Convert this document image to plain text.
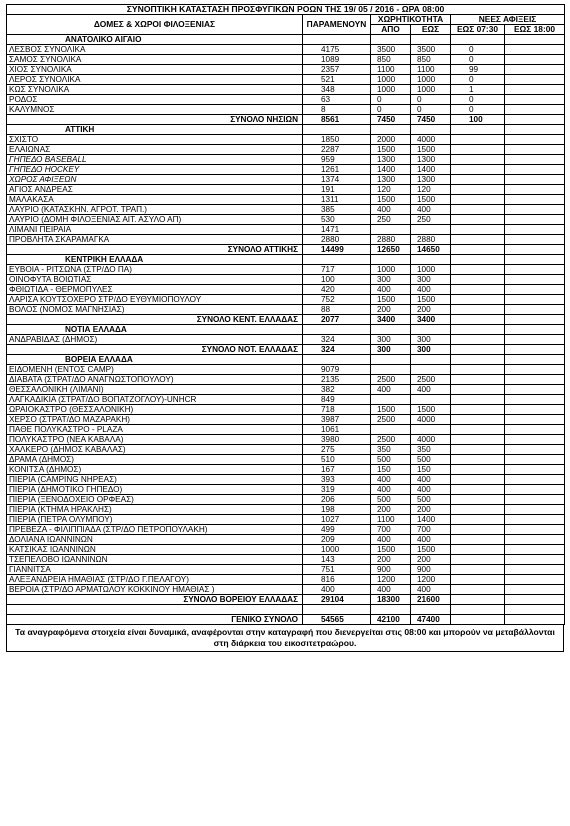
ΣΥΝΟΠΤΙΚΗ ΚΑΤΑΣΤΑΣΗ ΠΡΟΣΦΥΓΙΚΩΝ ΡΟΩΝ ΤΗΣ 19/ 05 / 2016 - ΩΡΑ 08:00					
ΔΟΜΕΣ & ΧΩΡΟΙ ΦΙΛΟΞΕΝΙΑΣ	ΠΑΡΑΜΕΝΟΥΝ	ΧΩΡΗΤΙΚΟΤΗΤΑ		ΝΕΕΣ ΑΦΙΞΕΙΣ	
		ΑΠΟ	ΕΩΣ	ΕΩΣ 07:30	ΕΩΣ 18:00
ΑΝΑΤΟΛΙΚΟ ΑΙΓΑΙΟ					
ΛΕΣΒΟΣ ΣΥΝΟΛΙΚΑ	4175	3500	3500	0	
ΣΑΜΟΣ ΣΥΝΟΛΙΚΑ	1089	850	850	0	
ΧΙΟΣ ΣΥΝΟΛΙΚΑ	2357	1100	1100	99	
ΛΕΡΟΣ ΣΥΝΟΛΙΚΑ	521	1000	1000	0	
ΚΩΣ ΣΥΝΟΛΙΚΑ	348	1000	1000	1	
ΡΟΔΟΣ	63	0	0	0	
ΚΑΛΥΜΝΟΣ	8	0	0	0	
ΣΥΝΟΛΟ ΝΗΣΙΩΝ	8561	7450	7450	100	
ΑΤΤΙΚΗ					
ΣΧΙΣΤΟ	1850	2000	4000		
ΕΛΑΙΩΝΑΣ	2287	1500	1500		
ΓΗΠΕΔΟ BASEBALL	959	1300	1300		
ΓΗΠΕΔΟ HOCKEY	1261	1400	1400		
ΧΩΡΟΣ ΑΦΙΞΕΩΝ	1374	1300	1300		
ΑΓΙΟΣ ΑΝΔΡΕΑΣ	191	120	120		
ΜΑΛΑΚΑΣΑ	1311	1500	1500		
ΛΑΥΡΙΟ (ΚΑΤΑΣΚΗΝ. ΑΓΡΟΤ. ΤΡΑΠ.)	385	400	400		
ΛΑΥΡΙΟ (ΔΟΜΗ ΦΙΛΟΞΕΝΙΑΣ ΑΙΤ. ΑΣΥΛΟ ΑΠ)	530	250	250		
ΛΙΜΑΝΙ ΠΕΙΡΑΙΑ	1471				
ΠΡΟΒΛΗΤΑ ΣΚΑΡΑΜΑΓΚΑ	2880	2880	2880		
ΣΥΝΟΛΟ ΑΤΤΙΚΗΣ	14499	12650	14650		
ΚΕΝΤΡΙΚΗ ΕΛΛΑΔΑ					
ΕΥΒΟΙΑ - ΡΙΤΣΩΝΑ (ΣΤΡ/ΔΟ ΠΑ)	717	1000	1000		
ΟΙΝΟΦΥΤΑ ΒΟΙΩΤΙΑΣ	100	300	300		
ΦΘΙΩΤΙΔΑ - ΘΕΡΜΟΠΥΛΕΣ	420	400	400		
ΛΑΡΙΣΑ ΚΟΥΤΣΟΧΕΡΟ ΣΤΡ/ΔΟ ΕΥΘΥΜΙΟΠΟΥΛΟΥ	752	1500	1500		
ΒΟΛΟΣ (ΝΟΜΟΣ ΜΑΓΝΗΣΙΑΣ)	88	200	200		
ΣΥΝΟΛΟ ΚΕΝΤ. ΕΛΛΑΔΑΣ	2077	3400	3400		
ΝΟΤΙΑ ΕΛΛΑΔΑ					
ΑΝΔΡΑΒΙΔΑΣ (ΔΗΜΟΣ)	324	300	300		
ΣΥΝΟΛΟ ΝΟΤ. ΕΛΛΑΔΑΣ	324	300	300		
ΒΟΡΕΙΑ ΕΛΛΑΔΑ					
ΕΙΔΟΜΕΝΗ (ΕΝΤΟΣ CAMP)	9079				
ΔΙΑΒΑΤΑ (ΣΤΡΑΤ/ΔΟ ΑΝΑΓΝΩΣΤΟΠΟΥΛΟΥ)	2135	2500	2500		
ΘΕΣΣΑΛΟΝΙΚΗ (ΛΙΜΑΝΙ)	382	400	400		
ΛΑΓΚΑΔΙΚΙΑ (ΣΤΡΑΤ/ΔΟ ΒΟΠΑΤΖΟΓΛΟΥ)-UNHCR	849				
ΩΡΑΙΟΚΑΣΤΡΟ (ΘΕΣΣΑΛΟΝΙΚΗ)	718	1500	1500		
ΧΕΡΣΟ (ΣΤΡΑΤ/ΔΟ ΜΑΖΑΡΑΚΗ)	3987	2500	4000		
ΠΑΘΕ ΠΟΛΥΚΑΣΤΡΟ - PLAZA	1061				
ΠΟΛΥΚΑΣΤΡΟ (ΝΕΑ ΚΑΒΑΛΑ)	3980	2500	4000		
ΧΑΛΚΕΡΟ (ΔΗΜΟΣ ΚΑΒΑΛΑΣ)	275	350	350		
ΔΡΑΜΑ (ΔΗΜΟΣ)	510	500	500		
ΚΟΝΙΤΣΑ (ΔΗΜΟΣ)	167	150	150		
ΠΙΕΡΙΑ (CAMPING ΝΗΡΕΑΣ)	393	400	400		
ΠΙΕΡΙΑ (ΔΗΜΟΤΙΚΟ ΓΗΠΕΔΟ)	319	400	400		
ΠΙΕΡΙΑ (ΞΕΝΟΔΟΧΕΙΟ ΟΡΦΕΑΣ)	206	500	500		
ΠΙΕΡΙΑ (ΚΤΗΜΑ ΗΡΑΚΛΗΣ)	198	200	200		
ΠΙΕΡΙΑ (ΠΕΤΡΑ ΟΛΥΜΠΟΥ)	1027	1100	1400		
ΠΡΕΒΕΖΑ - ΦΙΛΙΠΠΙΑΔΑ (ΣΤΡ/ΔΟ ΠΕΤΡΟΠΟΥΛΑΚΗ)	499	700	700		
ΔΟΛΙΑΝΑ ΙΩΑΝΝΙΝΩΝ	209	400	400		
ΚΑΤΣΙΚΑΣ ΙΩΑΝΝΙΝΩΝ	1000	1500	1500		
ΤΣΕΠΕΛΟΒΟ ΙΩΑΝΝΙΝΩΝ	143	200	200		
ΓΙΑΝΝΙΤΣΑ	751	900	900		
ΑΛΕΞΑΝΔΡΕΙΑ ΗΜΑΘΙΑΣ (ΣΤΡ/ΔΟ Γ.ΠΕΛΑΓΟΥ)	816	1200	1200		
ΒΕΡΟΙΑ (ΣΤΡ/ΔΟ ΑΡΜΑΤΩΛΟΥ ΚΟΚΚΙΝΟΥ ΗΜΑΘΙΑΣ )	400	400	400		
ΣΥΝΟΛΟ ΒΟΡΕΙΟΥ ΕΛΛΑΔΑΣ	29104	18300	21600		

ΓΕΝΙΚΟ ΣΥΝΟΛΟ	54565	42100	47400		
Τα αναγραφόμενα στοιχεία είναι δυναμικά, αναφέρονται στην καταγραφή που διενεργείται στις 08:00 και μπορούν να μεταβάλλονται στη διάρκεια του εικοσιτετραώρου.
